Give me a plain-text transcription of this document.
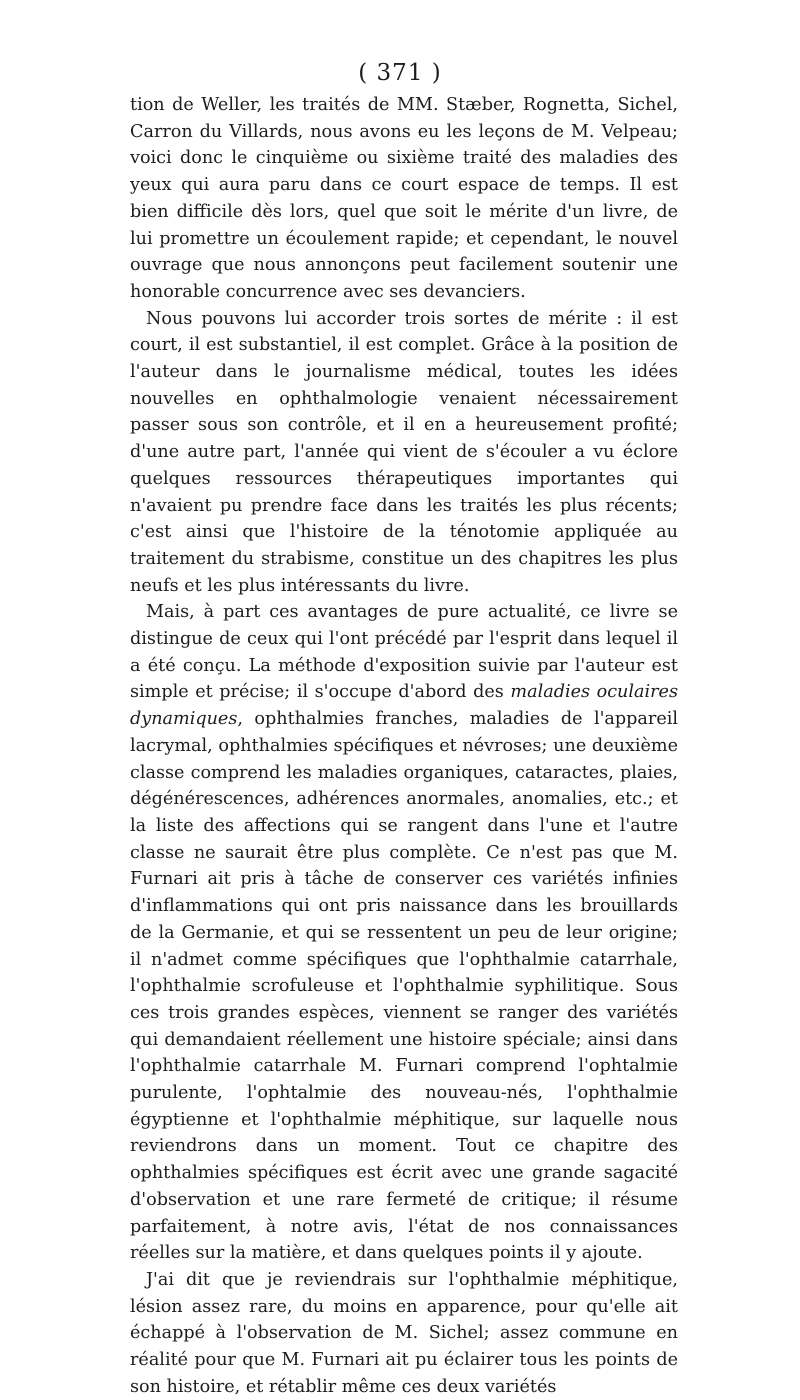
( 371 )

tion de Weller, les traités de MM. Stæber, Rognetta, Sichel, Carron du Villards, nous avons eu les leçons de M. Velpeau; voici donc le cinquième ou sixième traité des maladies des yeux qui aura paru dans ce court espace de temps. Il est bien difficile dès lors, quel que soit le mérite d'un livre, de lui promettre un écoulement rapide; et cependant, le nouvel ouvrage que nous annonçons peut facilement soutenir une honorable concurrence avec ses devanciers.

Nous pouvons lui accorder trois sortes de mérite : il est court, il est substantiel, il est complet. Grâce à la position de l'auteur dans le journalisme médical, toutes les idées nouvelles en ophthalmologie venaient nécessairement passer sous son contrôle, et il en a heureusement profité; d'une autre part, l'année qui vient de s'écouler a vu éclore quelques ressources thérapeutiques importantes qui n'avaient pu prendre face dans les traités les plus récents; c'est ainsi que l'histoire de la ténotomie appliquée au traitement du strabisme, constitue un des chapitres les plus neufs et les plus intéressants du livre.

Mais, à part ces avantages de pure actualité, ce livre se distingue de ceux qui l'ont précédé par l'esprit dans lequel il a été conçu. La méthode d'exposition suivie par l'auteur est simple et précise; il s'occupe d'abord des maladies oculaires dynamiques, ophthalmies franches, maladies de l'appareil lacrymal, ophthalmies spécifiques et névroses; une deuxième classe comprend les maladies organiques, cataractes, plaies, dégénérescences, adhérences anormales, anomalies, etc.; et la liste des affections qui se rangent dans l'une et l'autre classe ne saurait être plus complète. Ce n'est pas que M. Furnari ait pris à tâche de conserver ces variétés infinies d'inflammations qui ont pris naissance dans les brouillards de la Germanie, et qui se ressentent un peu de leur origine; il n'admet comme spécifiques que l'ophthalmie catarrhale, l'ophthalmie scrofuleuse et l'ophthalmie syphilitique. Sous ces trois grandes espèces, viennent se ranger des variétés qui demandaient réellement une histoire spéciale; ainsi dans l'ophthalmie catarrhale M. Furnari comprend l'ophtalmie purulente, l'ophtalmie des nouveau-nés, l'ophthalmie égyptienne et l'ophthalmie méphitique, sur laquelle nous reviendrons dans un moment. Tout ce chapitre des ophthalmies spécifiques est écrit avec une grande sagacité d'observation et une rare fermeté de critique; il résume parfaitement, à notre avis, l'état de nos connaissances réelles sur la matière, et dans quelques points il y ajoute.

J'ai dit que je reviendrais sur l'ophthalmie méphitique, lésion assez rare, du moins en apparence, pour qu'elle ait échappé à l'observation de M. Sichel; assez commune en réalité pour que M. Furnari ait pu éclairer tous les points de son histoire, et rétablir même ces deux variétés
